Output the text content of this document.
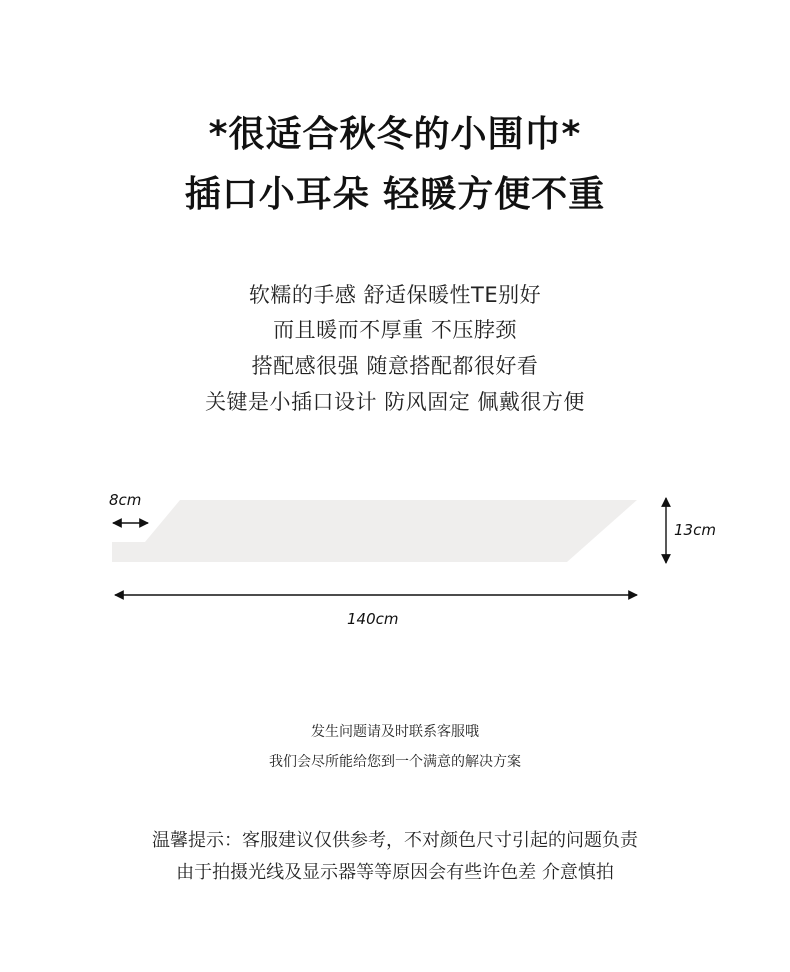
*很适合秋冬的小围巾*
插口小耳朵 轻暖方便不重
软糯的手感 舒适保暖性TE别好
而且暖而不厚重 不压脖颈
搭配感很强 随意搭配都很好看
关键是小插口设计 防风固定 佩戴很方便
8cm
13cm
140cm
发生问题请及时联系客服哦
我们会尽所能给您到一个满意的解决方案
温馨提示：客服建议仅供参考，不对颜色尺寸引起的问题负责
由于拍摄光线及显示器等等原因会有些许色差 介意慎拍
